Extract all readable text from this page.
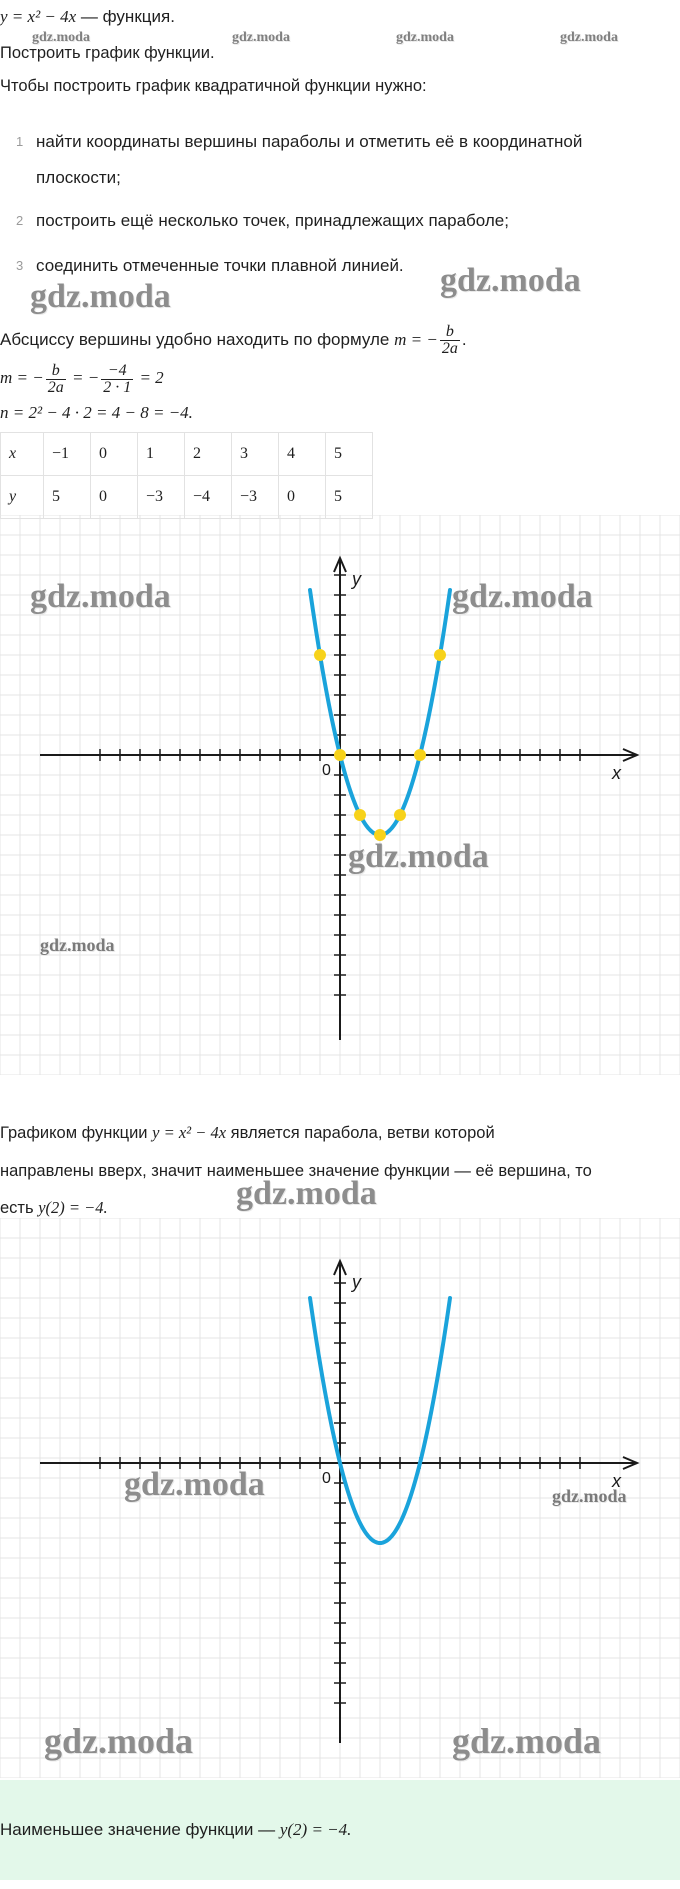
y = x² − 4x — функция.
Построить график функции.
Чтобы построить график квадратичной функции нужно:
1 найти координаты вершины параболы и отметить её в координатной плоскости;
2 построить ещё несколько точек, принадлежащих параболе;
3 соединить отмеченные точки плавной линией.
Абсциссу вершины удобно находить по формуле m = − $\frac{b}{2a}$ .
m = − $\frac{b}{2a}$ = − $\frac{-4}{2 \cdot 1} = 2$
n = 2² − 4 · 2 = 4 − 8 = −4.
x	−1	0	1	2	3	4	5
y	5	0	−3	−4	−3	0	5
x
y
0
Графиком функции y = x² − 4x является парабола, ветви которой
направлены вверх, значит наименьшее значение функции — её вершина, то
есть y(2) = −4.
x
y
0
Наименьшее значение функции — y(2) = −4.
gdz.moda	gdz.moda	gdz.moda	gdz.moda
gdz.moda	gdz.moda
gdz.moda	gdz.moda
gdz.moda
gdz.moda
gdz.moda
gdz.moda	gdz.moda
gdz.moda	gdz.moda
